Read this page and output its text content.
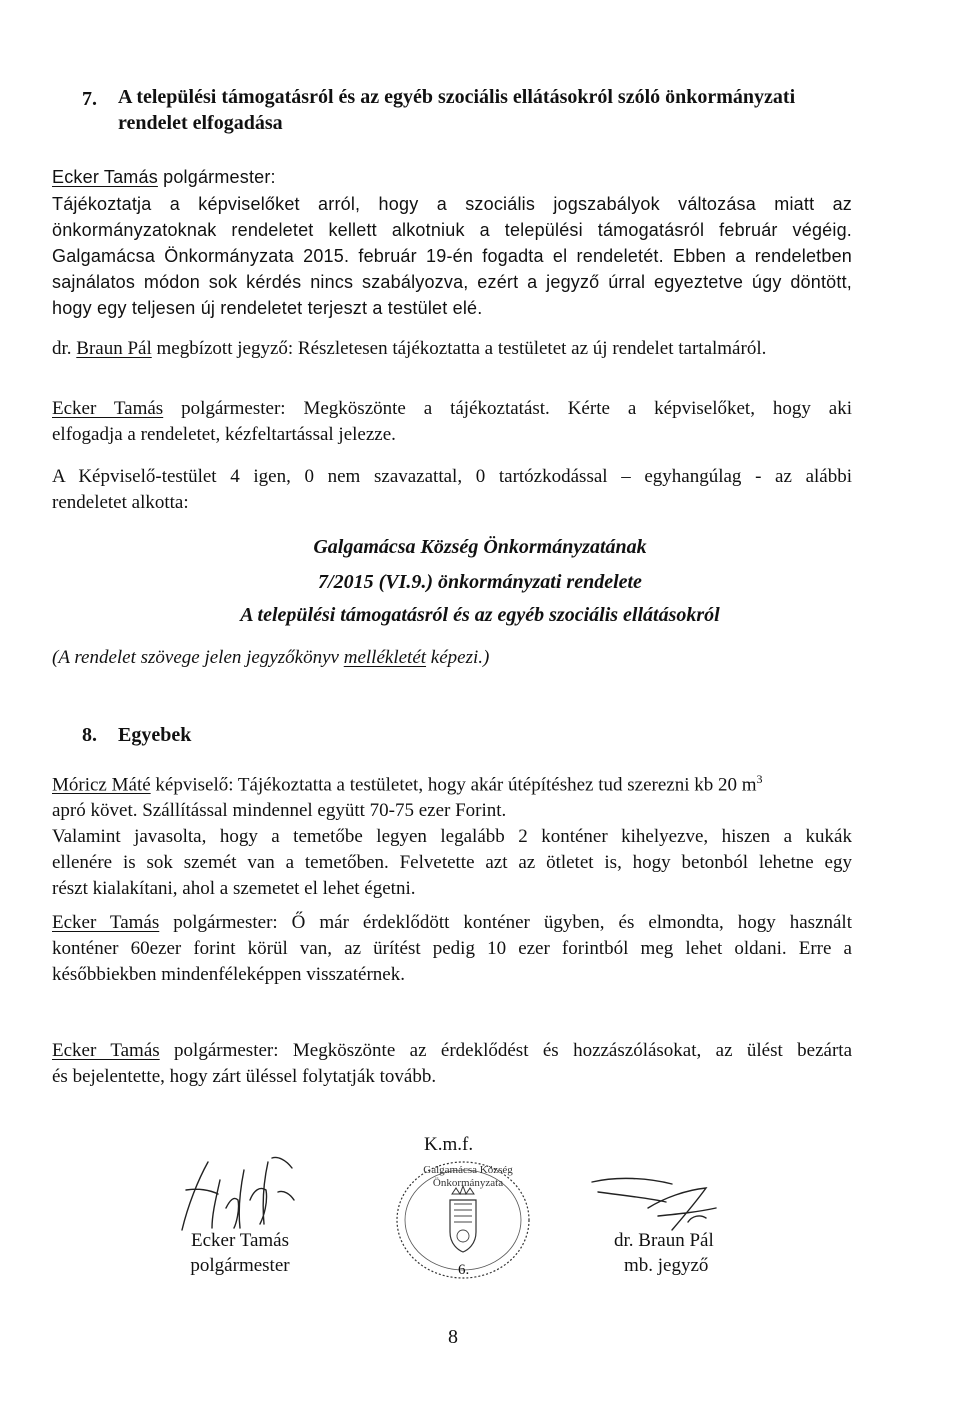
7. A települési támogatásról és az egyéb szociális ellátásokról szóló önkormányzati
rendelet elfogadása
Ecker Tamás polgármester:
Tájékoztatja a képviselőket arról, hogy a szociális jogszabályok változása miatt az
önkormányzatoknak rendeletet kellett alkotniuk a települési támogatásról február végéig.
Galgamácsa Önkormányzata 2015. február 19-én fogadta el rendeletét. Ebben a rendeletben
sajnálatos módon sok kérdés nincs szabályozva, ezért a jegyző úrral egyeztetve úgy döntött,
hogy egy teljesen új rendeletet terjeszt a testület elé.
dr. Braun Pál megbízott jegyző: Részletesen tájékoztatta a testületet az új rendelet tartalmáról.
Ecker Tamás polgármester: Megköszönte a tájékoztatást. Kérte a képviselőket, hogy aki
elfogadja a rendeletet, kézfeltartással jelezze.
A Képviselő-testület 4 igen, 0 nem szavazattal, 0 tartózkodással – egyhangúlag - az alábbi
rendeletet alkotta:
Galgamácsa Község Önkormányzatának
7/2015 (VI.9.) önkormányzati rendelete
A települési támogatásról és az egyéb szociális ellátásokról
(A rendelet szövege jelen jegyzőkönyv mellékletét képezi.)
8. Egyebek
Móricz Máté képviselő: Tájékoztatta a testületet, hogy akár útépítéshez tud szerezni kb 20 $m^3$
apró követ. Szállítással mindennel együtt 70-75 ezer Forint.
Valamint javasolta, hogy a temetőbe legyen legalább 2 konténer kihelyezve, hiszen a kukák
ellenére is sok szemét van a temetőben. Felvetette azt az ötletet is, hogy betonból lehetne egy
részt kialakítani, ahol a szemetet el lehet égetni.
Ecker Tamás polgármester: Ő már érdeklődött konténer ügyben, és elmondta, hogy használt
konténer 60ezer forint körül van, az ürítést pedig 10 ezer forintból meg lehet oldani. Erre a
későbbiekben mindenféleképpen visszatérnek.
Ecker Tamás polgármester: Megköszönte az érdeklődést és hozzászólásokat, az ülést bezárta
és bejelentette, hogy zárt üléssel folytatják tovább.
K.m.f.
Ecker Tamás
polgármester
Galgamácsa Község Önkormányzata
6.
dr. Braun Pál
mb. jegyző
8
